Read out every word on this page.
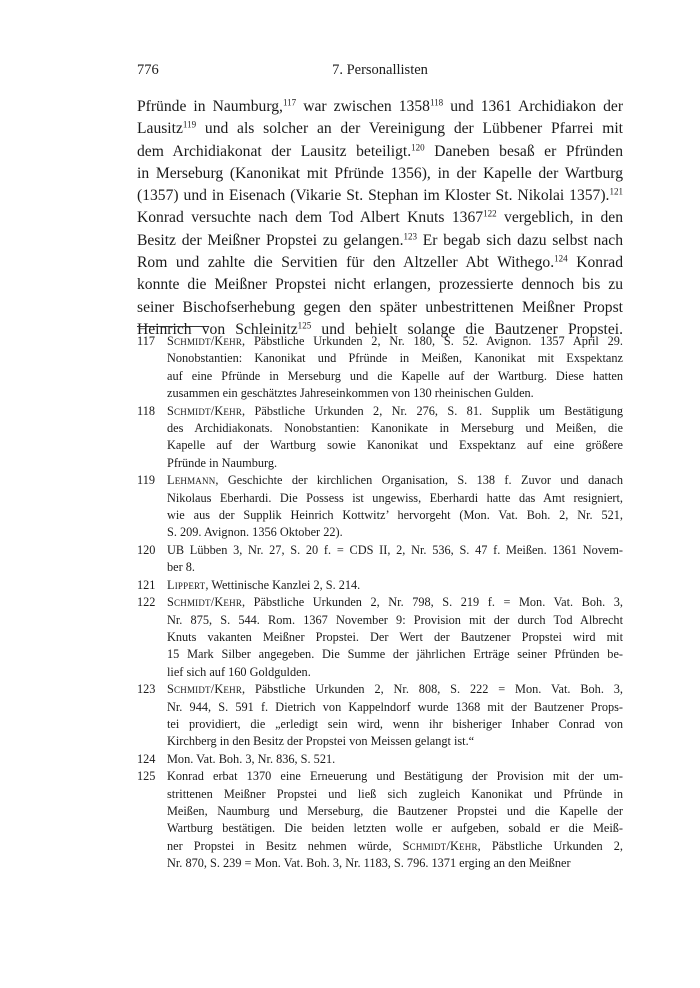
776	7. Personallisten
Pfründe in Naumburg,$^{117}$ war zwischen 1358$^{118}$ und 1361 Archidiakon der
Lausitz$^{119}$ und als solcher an der Vereinigung der Lübbener Pfarrei mit
dem Archidiakonat der Lausitz beteiligt.$^{120}$ Daneben besaß er Pfründen
in Merseburg (Kanonikat mit Pfründe 1356), in der Kapelle der Wartburg
(1357) und in Eisenach (Vikarie St. Stephan im Kloster St. Nikolai 1357).$^{121}$
Konrad versuchte nach dem Tod Albert Knuts 1367$^{122}$ vergeblich, in den
Besitz der Meißner Propstei zu gelangen.$^{123}$ Er begab sich dazu selbst nach
Rom und zahlte die Servitien für den Altzeller Abt Withego.$^{124}$ Konrad
konnte die Meißner Propstei nicht erlangen, prozessierte dennoch bis zu
seiner Bischofserhebung gegen den später unbestrittenen Meißner Propst
Heinrich von Schleinitz$^{125}$ und behielt solange die Bautzener Propstei.
117 Schmidt/Kehr, Päbstliche Urkunden 2, Nr. 180, S. 52. Avignon. 1357 April 29.
Nonobstantien: Kanonikat und Pfründe in Meißen, Kanonikat mit Exspektanz
auf eine Pfründe in Merseburg und die Kapelle auf der Wartburg. Diese hatten
zusammen ein geschätztes Jahreseinkommen von 130 rheinischen Gulden.
118 Schmidt/Kehr, Päbstliche Urkunden 2, Nr. 276, S. 81. Supplik um Bestätigung
des Archidiakonats. Nonobstantien: Kanonikate in Merseburg und Meißen, die
Kapelle auf der Wartburg sowie Kanonikat und Exspektanz auf eine größere
Pfründe in Naumburg.
119 Lehmann, Geschichte der kirchlichen Organisation, S. 138 f. Zuvor und danach
Nikolaus Eberhardi. Die Possess ist ungewiss, Eberhardi hatte das Amt resigniert,
wie aus der Supplik Heinrich Kottwitz’ hervorgeht (Mon. Vat. Boh. 2, Nr. 521,
S. 209. Avignon. 1356 Oktober 22).
120 UB Lübben 3, Nr. 27, S. 20 f. = CDS II, 2, Nr. 536, S. 47 f. Meißen. 1361 Novem-
ber 8.
121 Lippert, Wettinische Kanzlei 2, S. 214.
122 Schmidt/Kehr, Päbstliche Urkunden 2, Nr. 798, S. 219 f. = Mon. Vat. Boh. 3,
Nr. 875, S. 544. Rom. 1367 November 9: Provision mit der durch Tod Albrecht
Knuts vakanten Meißner Propstei. Der Wert der Bautzener Propstei wird mit
15 Mark Silber angegeben. Die Summe der jährlichen Erträge seiner Pfründen be-
lief sich auf 160 Goldgulden.
123 Schmidt/Kehr, Päbstliche Urkunden 2, Nr. 808, S. 222 = Mon. Vat. Boh. 3,
Nr. 944, S. 591 f. Dietrich von Kappelndorf wurde 1368 mit der Bautzener Props-
tei providiert, die „erledigt sein wird, wenn ihr bisheriger Inhaber Conrad von
Kirchberg in den Besitz der Propstei von Meissen gelangt ist.“
124 Mon. Vat. Boh. 3, Nr. 836, S. 521.
125 Konrad erbat 1370 eine Erneuerung und Bestätigung der Provision mit der um-
strittenen Meißner Propstei und ließ sich zugleich Kanonikat und Pfründe in
Meißen, Naumburg und Merseburg, die Bautzener Propstei und die Kapelle der
Wartburg bestätigen. Die beiden letzten wolle er aufgeben, sobald er die Meiß-
ner Propstei in Besitz nehmen würde, Schmidt/Kehr, Päbstliche Urkunden 2,
Nr. 870, S. 239 = Mon. Vat. Boh. 3, Nr. 1183, S. 796. 1371 erging an den Meißner
